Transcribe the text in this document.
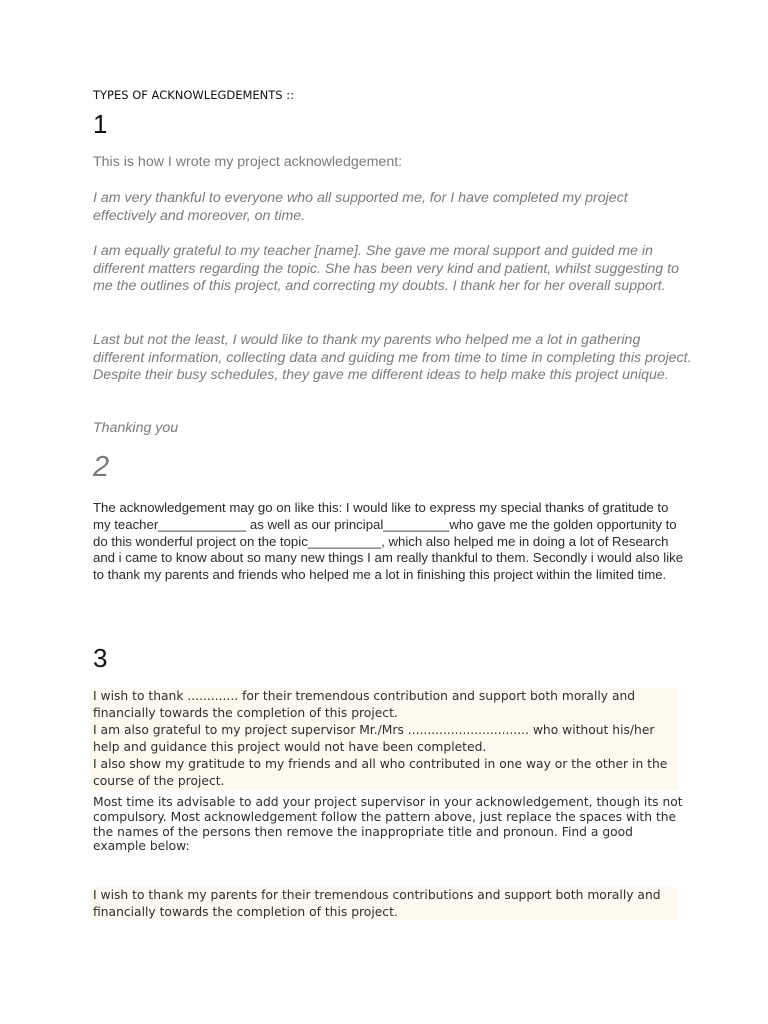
TYPES OF ACKNOWLEGDEMENTS ::
1

This is how I wrote my project acknowledgement:

I am very thankful to everyone who all supported me, for I have completed my project effectively and moreover, on time.

I am equally grateful to my teacher [name]. She gave me moral support and guided me in different matters regarding the topic. She has been very kind and patient, whilst suggesting to me the outlines of this project, and correcting my doubts. I thank her for her overall support.

Last but not the least, I would like to thank my parents who helped me a lot in gathering different information, collecting data and guiding me from time to time in completing this project. Despite their busy schedules, they gave me different ideas to help make this project unique.

Thanking you

2

The acknowledgement may go on like this: I would like to express my special thanks of gratitude to my teacher____________ as well as our principal_________who gave me the golden opportunity to do this wonderful project on the topic__________, which also helped me in doing a lot of Research and i came to know about so many new things I am really thankful to them. Secondly i would also like to thank my parents and friends who helped me a lot in finishing this project within the limited time.

3

I wish to thank ............. for their tremendous contribution and support both morally and financially towards the completion of this project.

I am also grateful to my project supervisor Mr./Mrs ............................... who without his/her help and guidance this project would not have been completed.

I also show my gratitude to my friends and all who contributed in one way or the other in the course of the project.

Most time its advisable to add your project supervisor in your acknowledgement, though its not compulsory. Most acknowledgement follow the pattern above, just replace the spaces with the the names of the persons then remove the inappropriate title and pronoun. Find a good example below:

I wish to thank my parents for their tremendous contributions and support both morally and financially towards the completion of this project.
